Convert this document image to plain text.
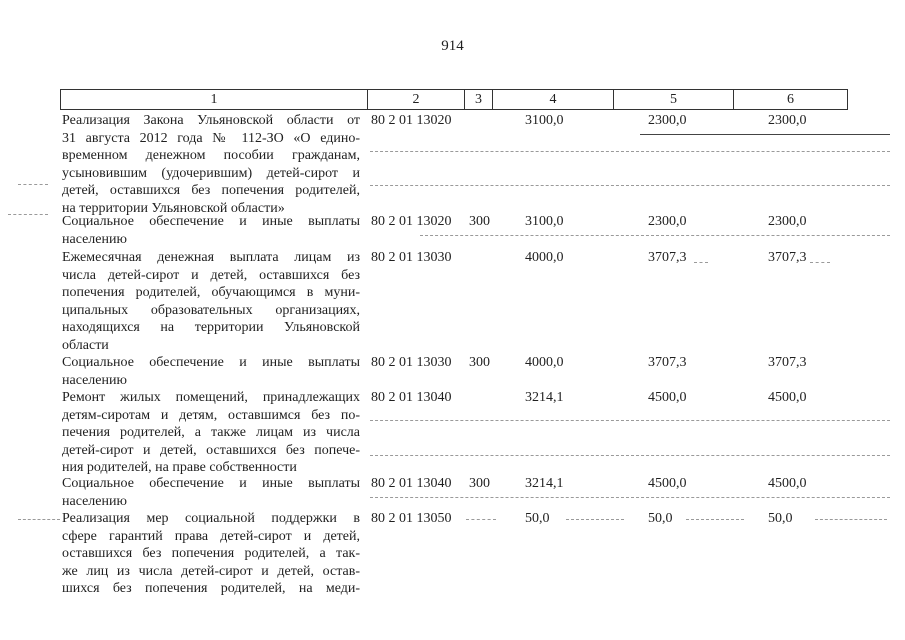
914
1	2	3	4	5	6
Реализация Закона Ульяновской области от
31 августа 2012 года № 112-ЗО «О едино-
временном денежном пособии гражданам,
усыновившим (удочерившим) детей-сирот и
детей, оставшихся без попечения родителей,
на территории Ульяновской области»
80 2 01 13020	3100,0	2300,0	2300,0
Социальное обеспечение и иные выплаты
населению
80 2 01 13020 300	3100,0	2300,0	2300,0
Ежемесячная денежная выплата лицам из
числа детей-сирот и детей, оставшихся без
попечения родителей, обучающимся в муни-
ципальных образовательных организациях,
находящихся на территории Ульяновской
области
80 2 01 13030	4000,0	3707,3	3707,3
Социальное обеспечение и иные выплаты
населению
80 2 01 13030 300	4000,0	3707,3	3707,3
Ремонт жилых помещений, принадлежащих
детям-сиротам и детям, оставшимся без по-
печения родителей, а также лицам из числа
детей-сирот и детей, оставшихся без попече-
ния родителей, на праве собственности
80 2 01 13040	3214,1	4500,0	4500,0
Социальное обеспечение и иные выплаты
населению
80 2 01 13040 300	3214,1	4500,0	4500,0
Реализация мер социальной поддержки в
сфере гарантий права детей-сирот и детей,
оставшихся без попечения родителей, а так-
же лиц из числа детей-сирот и детей, остав-
шихся без попечения родителей, на меди-
80 2 01 13050	50,0	50,0	50,0
